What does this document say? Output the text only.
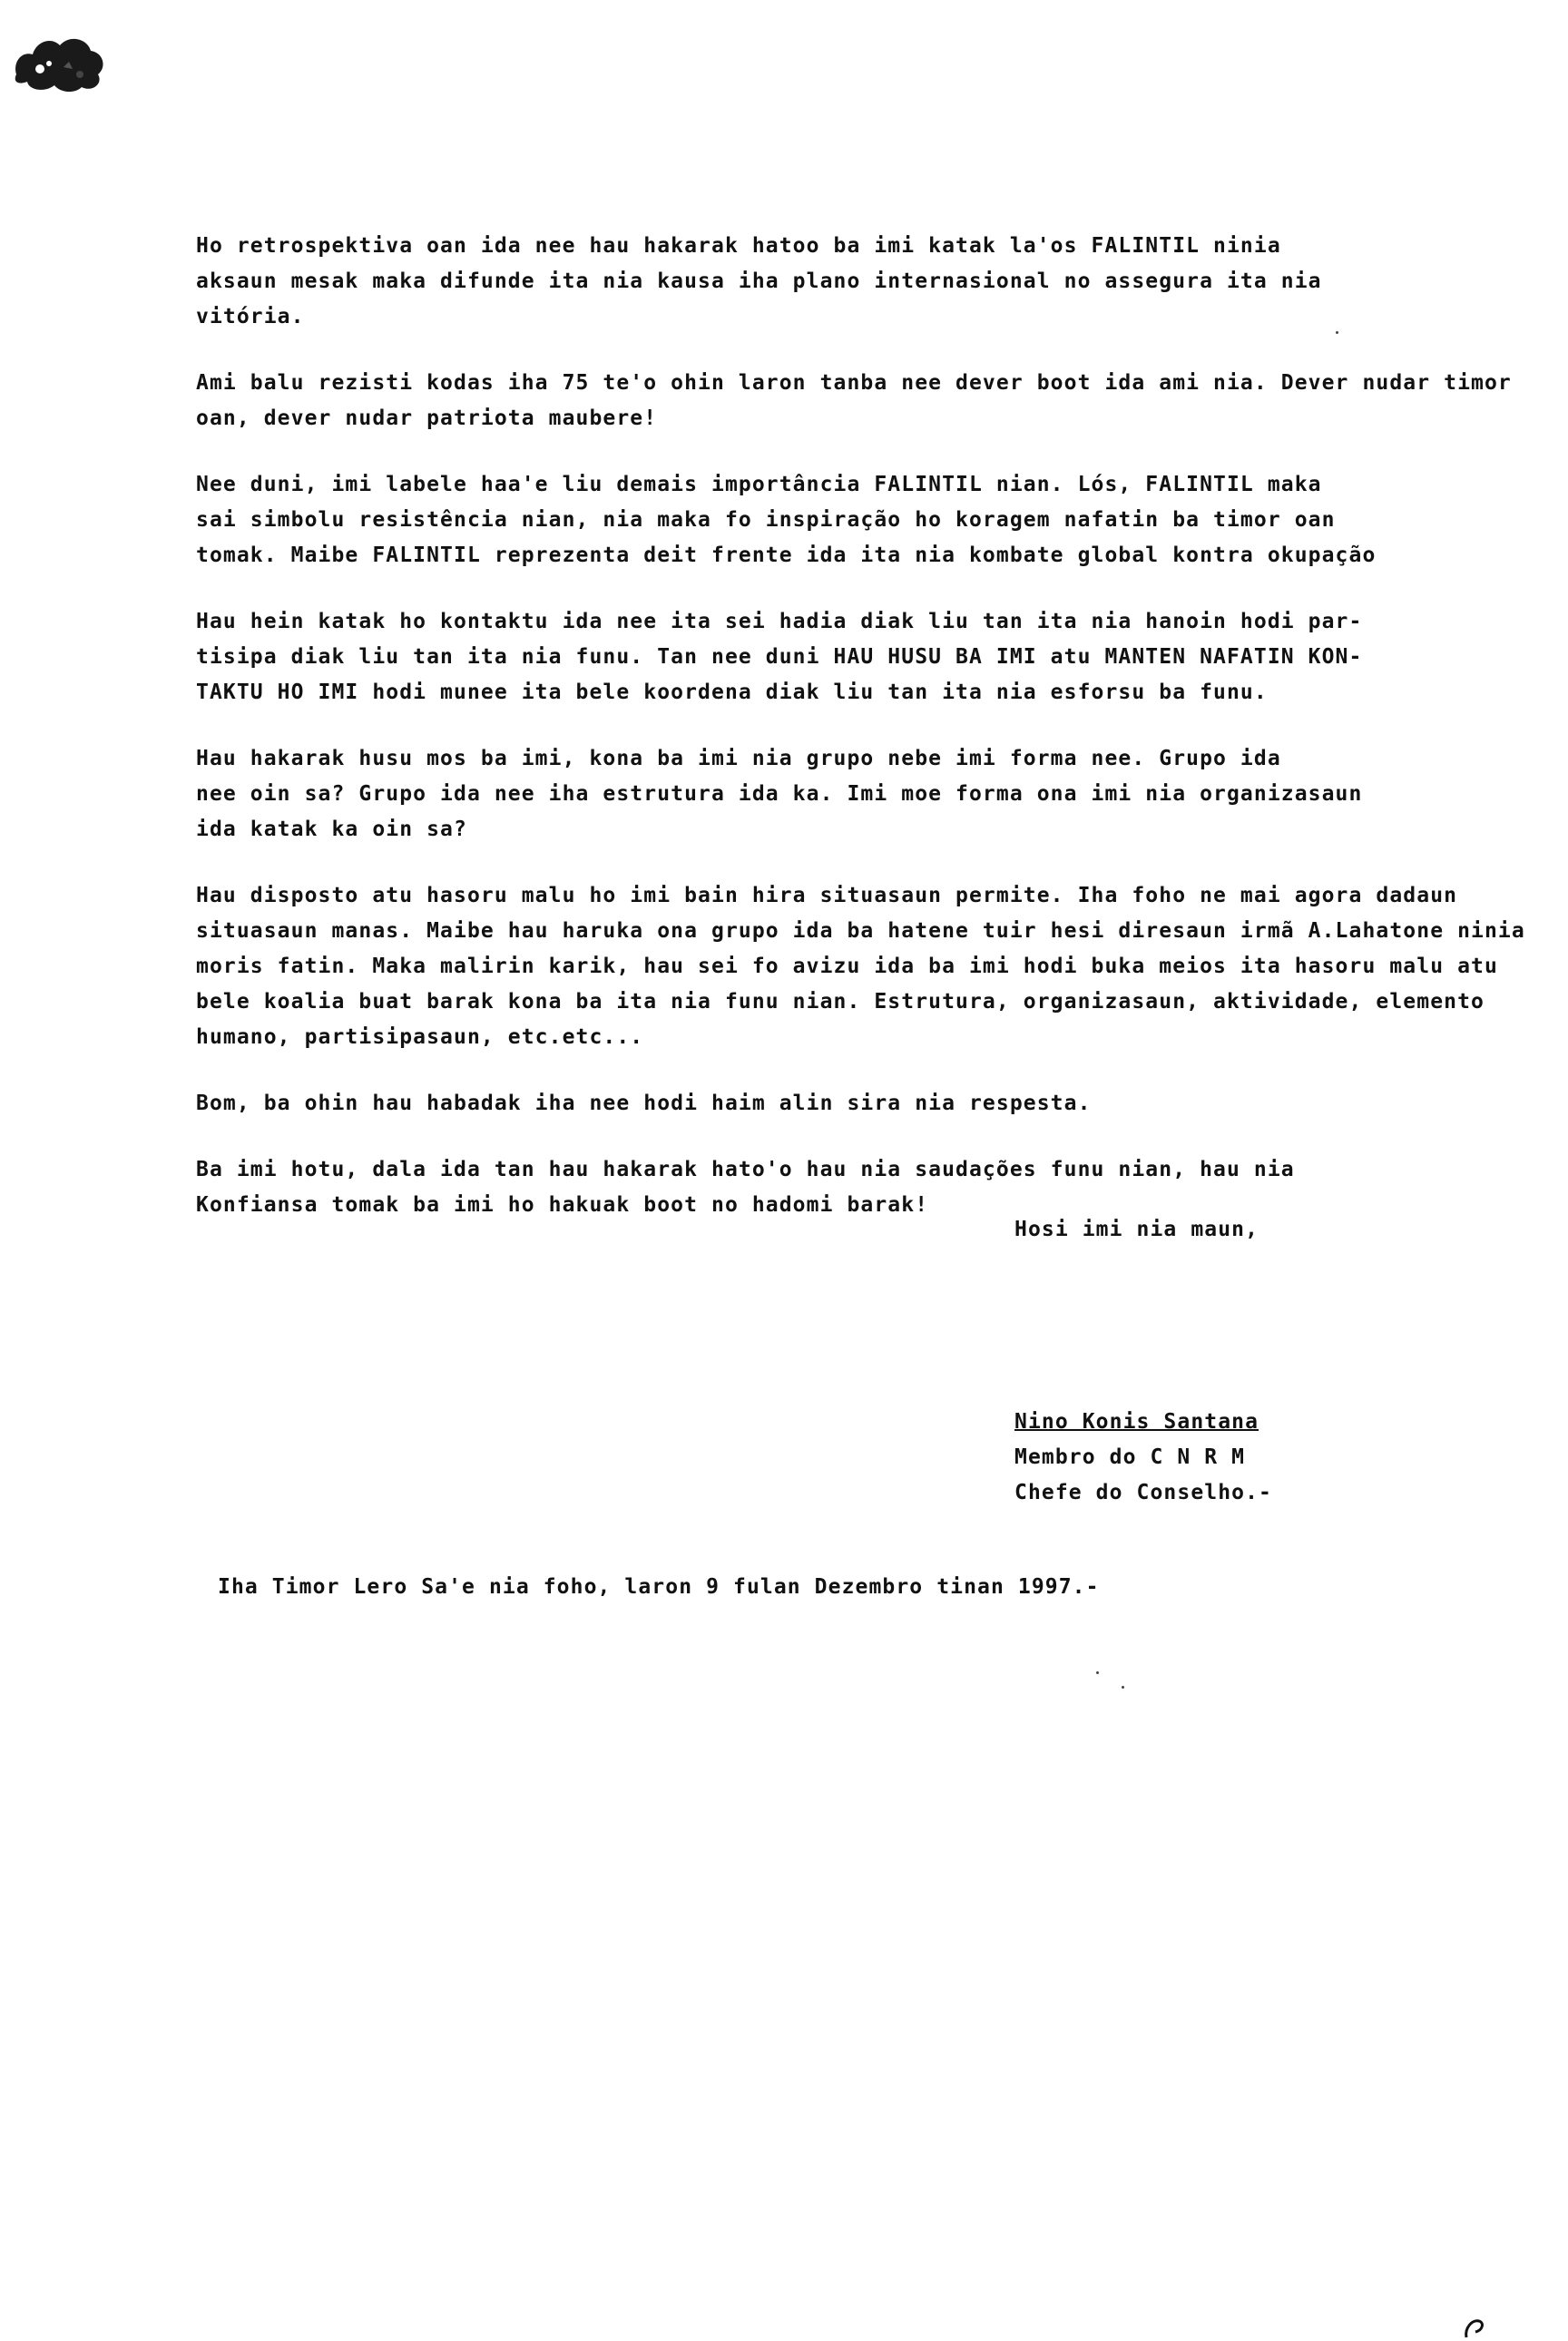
Ho retrospektiva oan ida nee hau hakarak hatoo ba imi katak la'os FALINTIL ninia
aksaun mesak maka difunde ita nia kausa iha plano internasional no assegura ita nia
vitória.

Ami balu rezisti kodas iha 75 te'o ohin laron tanba nee dever boot ida ami nia. Dever nudar timor oan, dever nudar patriota maubere!

Nee duni, imi labele haa'e liu demais importância FALINTIL nian. Lós, FALINTIL maka
sai simbolu resistência nian, nia maka fo inspiração ho koragem nafatin ba timor oan
tomak. Maibe FALINTIL reprezenta deit frente ida ita nia kombate global kontra okupação

Hau hein katak ho kontaktu ida nee ita sei hadia diak liu tan ita nia hanoin hodi par-
tisipa diak liu tan ita nia funu. Tan nee duni HAU HUSU BA IMI atu MANTEN NAFATIN KON-
TAKTU HO IMI hodi munee ita bele koordena diak liu tan ita nia esforsu ba funu.

Hau hakarak husu mos ba imi, kona ba imi nia grupo nebe imi forma nee. Grupo ida
nee oin sa? Grupo ida nee iha estrutura ida ka. Imi moe forma ona imi nia organizasaun
ida katak ka oin sa?

Hau disposto atu hasoru malu ho imi bain hira situasaun permite. Iha foho ne mai agora dadaun situasaun manas. Maibe hau haruka ona grupo ida ba hatene tuir hesi diresaun irmã A.Lahatone ninia moris fatin. Maka malirin karik, hau sei fo avizu ida ba imi hodi buka meios ita hasoru malu atu bele koalia buat barak kona ba ita nia funu nian. Estrutura, organizasaun, aktividade, elemento humano, partisipasaun, etc.etc...

Bom, ba ohin hau habadak iha nee hodi haim alin sira nia respesta.

Ba imi hotu, dala ida tan hau hakarak hato'o hau nia saudações funu nian, hau nia
Konfiansa tomak ba imi ho hakuak boot no hadomi barak!

Hosi imi nia maun,
Nino Konis Santana
Membro do C N R M
Chefe do Conselho.-
Iha Timor Lero Sa'e nia foho, laron 9 fulan Dezembro tinan 1997.-
